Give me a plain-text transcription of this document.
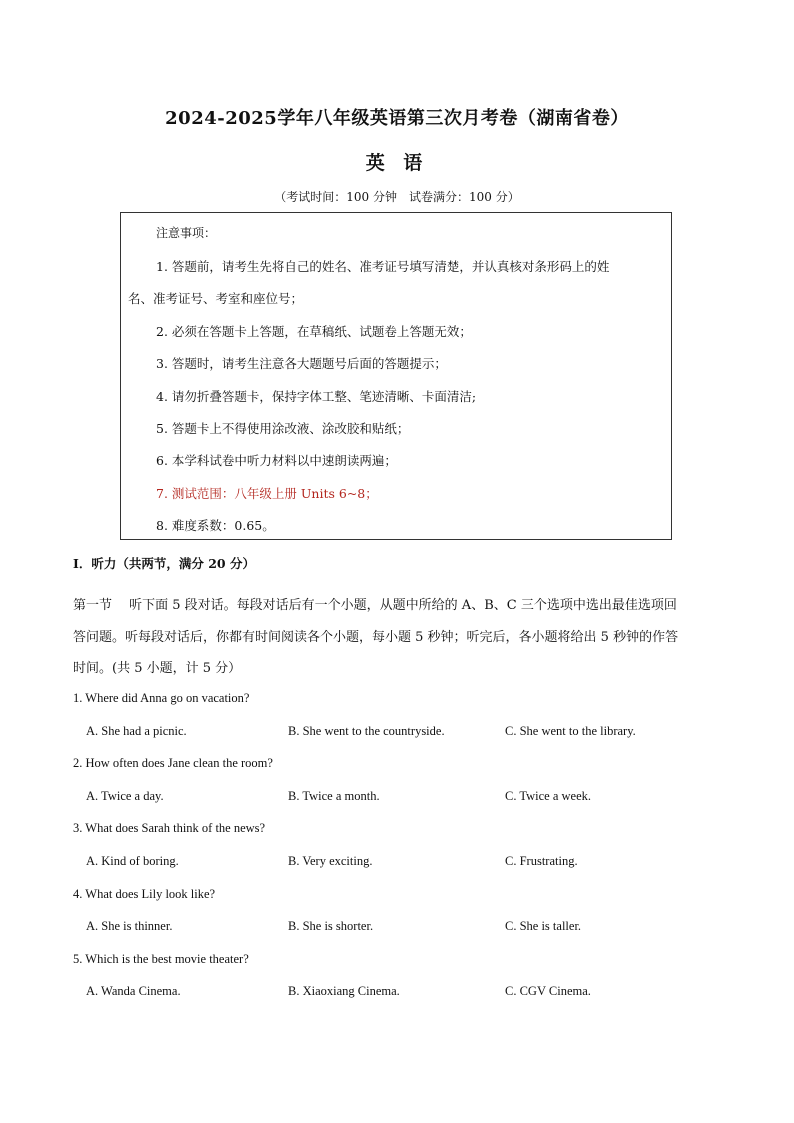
2024-2025学年八年级英语第三次月考卷（湖南省卷）
英 语
（考试时间：100 分钟　试卷满分：100 分）
注意事项：
1. 答题前，请考生先将自己的姓名、准考证号填写清楚，并认真核对条形码上的姓
名、准考证号、考室和座位号；
2. 必须在答题卡上答题，在草稿纸、试题卷上答题无效；
3. 答题时，请考生注意各大题题号后面的答题提示；
4. 请勿折叠答题卡，保持字体工整、笔迹清晰、卡面清洁;
5. 答题卡上不得使用涂改液、涂改胶和贴纸；
6. 本学科试卷中听力材料以中速朗读两遍；
7. 测试范围：八年级上册 Units 6~8；
8. 难度系数：0.65。
I．听力（共两节，满分 20 分）
第一节　 听下面 5 段对话。每段对话后有一个小题，从题中所给的 A、B、C 三个选项中选出最佳选项回
答问题。听每段对话后，你都有时间阅读各个小题，每小题 5 秒钟；听完后，各小题将给出 5 秒钟的作答
时间。(共 5 小题，计 5 分）
1. Where did Anna go on vacation?
A. She had a picnic.	B. She went to the countryside.	C. She went to the library.
2. How often does Jane clean the room?
A. Twice a day.	B. Twice a month.	C. Twice a week.
3. What does Sarah think of the news?
A. Kind of boring.	B. Very exciting.	C. Frustrating.
4. What does Lily look like?
A. She is thinner.	B. She is shorter.	C. She is taller.
5. Which is the best movie theater?
A. Wanda Cinema.	B. Xiaoxiang Cinema.	C. CGV Cinema.
